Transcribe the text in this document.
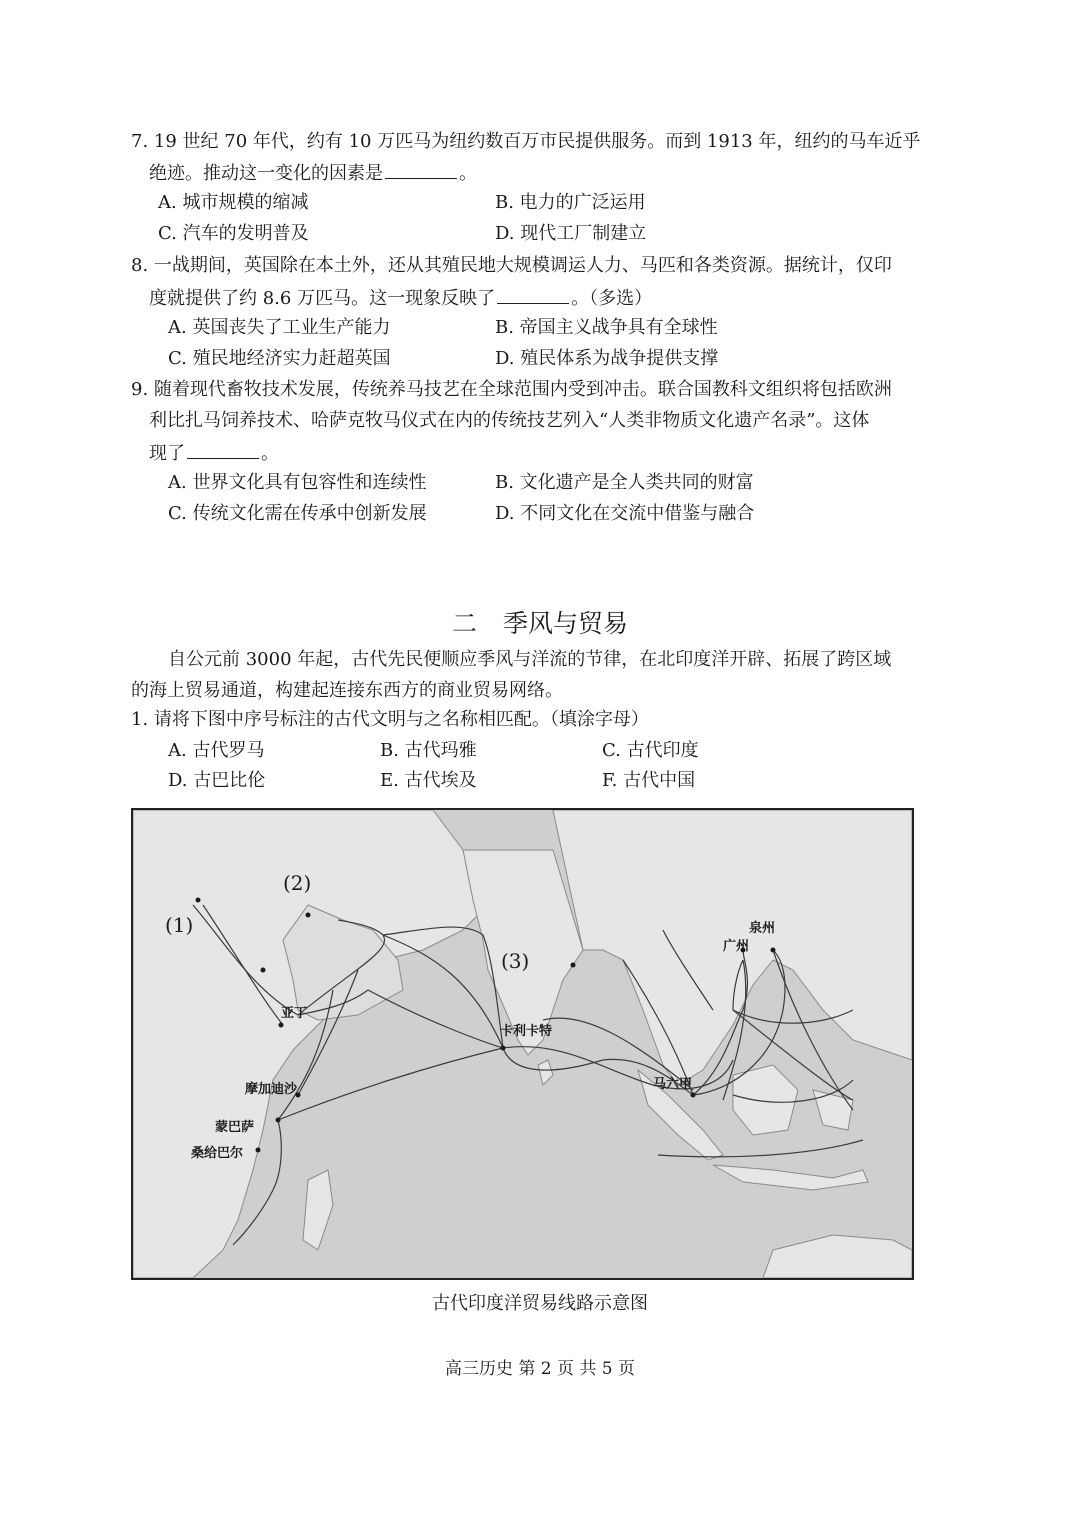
7. 19 世纪 70 年代，约有 10 万匹马为纽约数百万市民提供服务。而到 1913 年，纽约的马车近乎
绝迹。推动这一变化的因素是	。
A. 城市规模的缩减	B. 电力的广泛运用
C. 汽车的发明普及	D. 现代工厂制建立
8. 一战期间，英国除在本土外，还从其殖民地大规模调运人力、马匹和各类资源。据统计，仅印
度就提供了约 8.6 万匹马。这一现象反映了	。（多选）
A. 英国丧失了工业生产能力	B. 帝国主义战争具有全球性
C. 殖民地经济实力赶超英国	D. 殖民体系为战争提供支撑
9. 随着现代畜牧技术发展，传统养马技艺在全球范围内受到冲击。联合国教科文组织将包括欧洲
利比扎马饲养技术、哈萨克牧马仪式在内的传统技艺列入“人类非物质文化遗产名录”。这体
现了	。
A. 世界文化具有包容性和连续性	B. 文化遗产是全人类共同的财富
C. 传统文化需在传承中创新发展	D. 不同文化在交流中借鉴与融合
二 季风与贸易
自公元前 3000 年起，古代先民便顺应季风与洋流的节律，在北印度洋开辟、拓展了跨区域
的海上贸易通道，构建起连接东西方的商业贸易网络。
1. 请将下图中序号标注的古代文明与之名称相匹配。（填涂字母）
A. 古代罗马	B. 古代玛雅	C. 古代印度
D. 古巴比伦	E. 古代埃及	F. 古代中国
(1)
(2)
(3)
泉州
广州
亚丁
卡利卡特
马六甲
摩加迪沙
蒙巴萨
桑给巴尔
古代印度洋贸易线路示意图
高三历史 第 2 页 共 5 页
